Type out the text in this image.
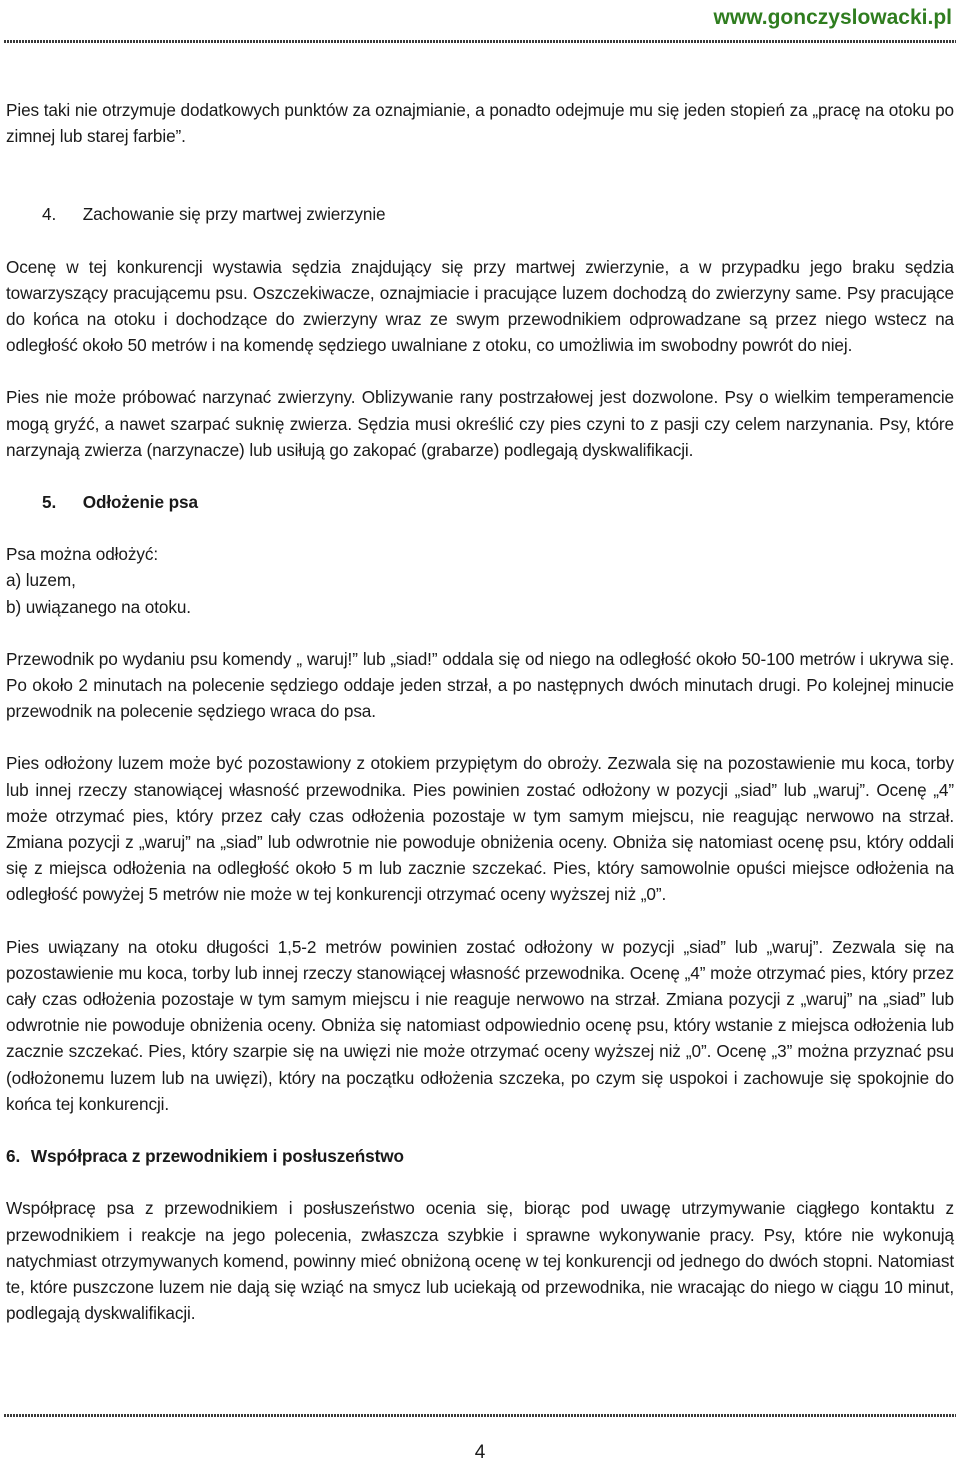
www.gonczyslowacki.pl

Pies taki nie otrzymuje dodatkowych punktów za oznajmianie, a ponadto odejmuje mu się jeden stopień za „pracę na otoku po zimnej lub starej farbie”.

4. Zachowanie się przy martwej zwierzynie

Ocenę w tej konkurencji wystawia sędzia znajdujący się przy martwej zwierzynie, a w przypadku jego braku sędzia towarzyszący pracującemu psu. Oszczekiwacze, oznajmiacie i pracujące luzem dochodzą do zwierzyny same. Psy pracujące do końca na otoku i dochodzące do zwierzyny wraz ze swym przewodnikiem odprowadzane są przez niego wstecz na odległość około 50 metrów i na komendę sędziego uwalniane z otoku, co umożliwia im swobodny powrót do niej.

Pies nie może próbować narzynać zwierzyny. Oblizywanie rany postrzałowej jest dozwolone. Psy o wielkim temperamencie mogą gryźć, a nawet szarpać suknię zwierza. Sędzia musi określić czy pies czyni to z pasji czy celem narzynania. Psy, które narzynają zwierza (narzynacze) lub usiłują go zakopać (grabarze) podlegają dyskwalifikacji.

5. Odłożenie psa
Psa można odłożyć:
a) luzem,
b) uwiązanego na otoku.

Przewodnik po wydaniu psu komendy „ waruj!” lub „siad!” oddala się od niego na odległość około 50-100 metrów i ukrywa się. Po około 2 minutach na polecenie sędziego oddaje jeden strzał, a po następnych dwóch minutach drugi. Po kolejnej minucie przewodnik na polecenie sędziego wraca do psa.

Pies odłożony luzem może być pozostawiony z otokiem przypiętym do obroży. Zezwala się na pozostawienie mu koca, torby lub innej rzeczy stanowiącej własność przewodnika. Pies powinien zostać odłożony w pozycji „siad” lub „waruj”. Ocenę „4” może otrzymać pies, który przez cały czas odłożenia pozostaje w tym samym miejscu, nie reagując nerwowo na strzał. Zmiana pozycji z „waruj” na „siad” lub odwrotnie nie powoduje obniżenia oceny. Obniża się natomiast ocenę psu, który oddali się z miejsca odłożenia na odległość około 5 m lub zacznie szczekać. Pies, który samowolnie opuści miejsce odłożenia na odległość powyżej 5 metrów nie może w tej konkurencji otrzymać oceny wyższej niż „0”.

Pies uwiązany na otoku długości 1,5-2 metrów powinien zostać odłożony w pozycji „siad” lub „waruj”. Zezwala się na pozostawienie mu koca, torby lub innej rzeczy stanowiącej własność przewodnika. Ocenę „4” może otrzymać pies, który przez cały czas odłożenia pozostaje w tym samym miejscu i nie reaguje nerwowo na strzał. Zmiana pozycji z „waruj” na „siad” lub odwrotnie nie powoduje obniżenia oceny. Obniża się natomiast odpowiednio ocenę psu, który wstanie z miejsca odłożenia lub zacznie szczekać. Pies, który szarpie się na uwięzi nie może otrzymać oceny wyższej niż „0”. Ocenę „3” można przyznać psu (odłożonemu luzem lub na uwięzi), który na początku odłożenia szczeka, po czym się uspokoi i zachowuje się spokojnie do końca tej konkurencji.

6. Współpraca z przewodnikiem i posłuszeństwo

Współpracę psa z przewodnikiem i posłuszeństwo ocenia się, biorąc pod uwagę utrzymywanie ciągłego kontaktu z przewodnikiem i reakcje na jego polecenia, zwłaszcza szybkie i sprawne wykonywanie pracy. Psy, które nie wykonują natychmiast otrzymywanych komend, powinny mieć obniżoną ocenę w tej konkurencji od jednego do dwóch stopni. Natomiast te, które puszczone luzem nie dają się wziąć na smycz lub uciekają od przewodnika, nie wracając do niego w ciągu 10 minut, podlegają dyskwalifikacji.

4
